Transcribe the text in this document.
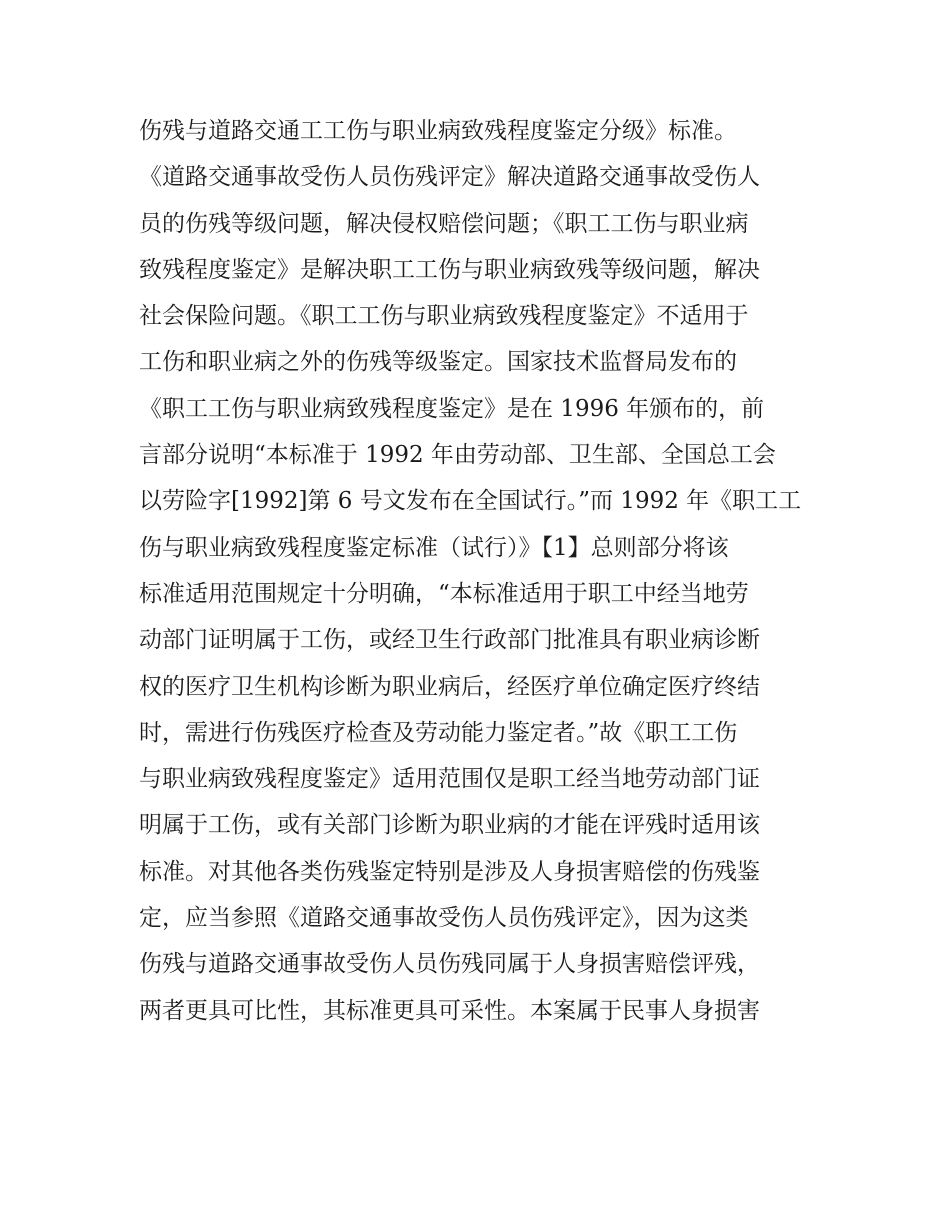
伤残与道路交通工工伤与职业病致残程度鉴定分级》标准。
《道路交通事故受伤人员伤残评定》解决道路交通事故受伤人
员的伤残等级问题，解决侵权赔偿问题；《职工工伤与职业病
致残程度鉴定》是解决职工工伤与职业病致残等级问题，解决
社会保险问题。《职工工伤与职业病致残程度鉴定》不适用于
工伤和职业病之外的伤残等级鉴定。国家技术监督局发布的
《职工工伤与职业病致残程度鉴定》是在 1996 年颁布的，前
言部分说明“本标准于 1992 年由劳动部、卫生部、全国总工会
以劳险字[1992]第 6 号文发布在全国试行。”而 1992 年《职工工
伤与职业病致残程度鉴定标准（试行）》【1】总则部分将该
标准适用范围规定十分明确，“本标准适用于职工中经当地劳
动部门证明属于工伤，或经卫生行政部门批准具有职业病诊断
权的医疗卫生机构诊断为职业病后，经医疗单位确定医疗终结
时，需进行伤残医疗检查及劳动能力鉴定者。”故《职工工伤
与职业病致残程度鉴定》适用范围仅是职工经当地劳动部门证
明属于工伤，或有关部门诊断为职业病的才能在评残时适用该
标准。对其他各类伤残鉴定特别是涉及人身损害赔偿的伤残鉴
定，应当参照《道路交通事故受伤人员伤残评定》，因为这类
伤残与道路交通事故受伤人员伤残同属于人身损害赔偿评残，
两者更具可比性，其标准更具可采性。本案属于民事人身损害
